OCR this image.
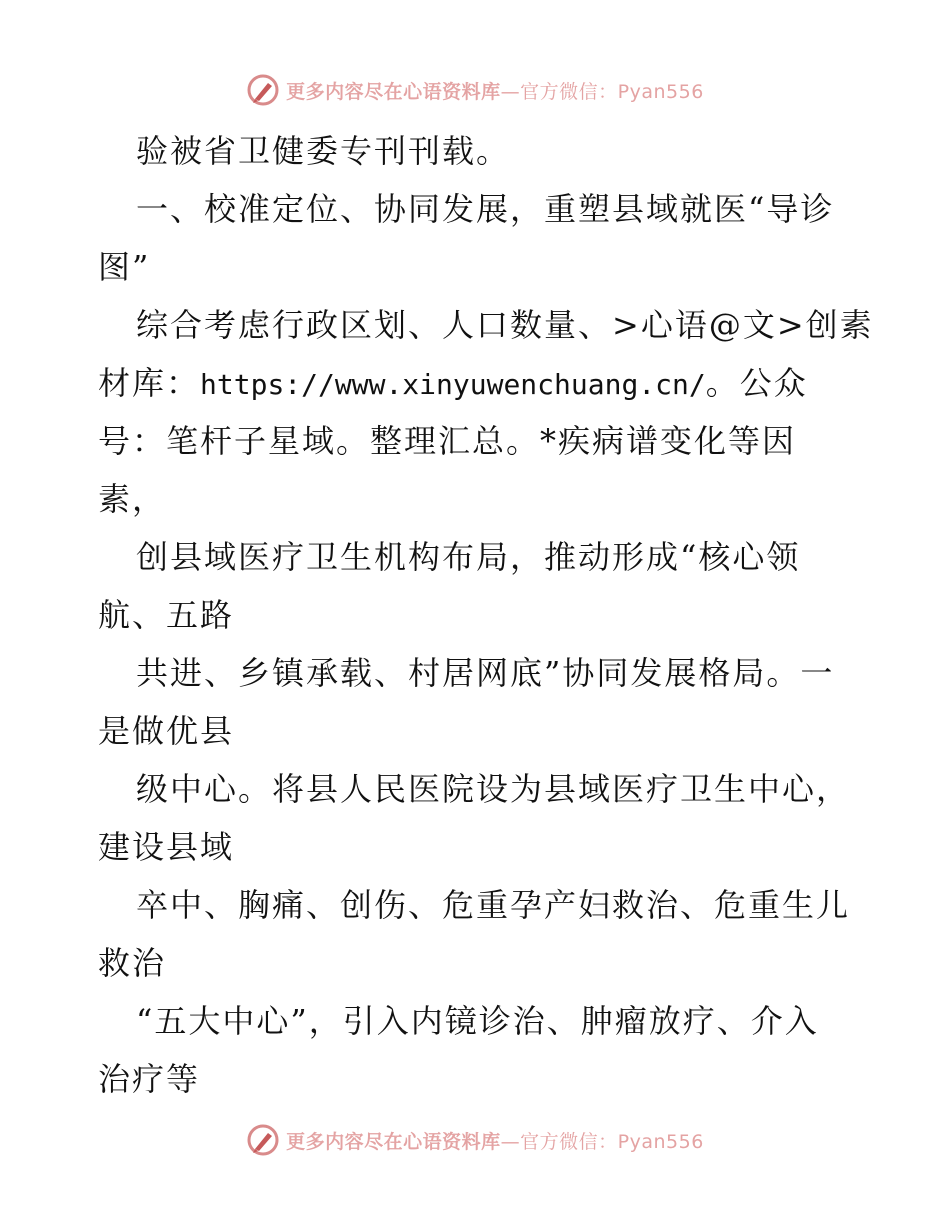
更多内容尽在心语资料库—官方微信：Pyan556
验被省卫健委专刊刊载。
一、校准定位、协同发展，重塑县域就医“导诊
图”
综合考虑行政区划、人口数量、>心语@文>创素
材库：https://www.xinyuwenchuang.cn/。公众
号：笔杆子星域。整理汇总。*疾病谱变化等因
素，
创县域医疗卫生机构布局，推动形成“核心领
航、五路
共进、乡镇承载、村居网底”协同发展格局。一
是做优县
级中心。将县人民医院设为县域医疗卫生中心，
建设县域
卒中、胸痛、创伤、危重孕产妇救治、危重生儿
救治
“五大中心”，引入内镜诊治、肿瘤放疗、介入
治疗等
更多内容尽在心语资料库—官方微信：Pyan556
